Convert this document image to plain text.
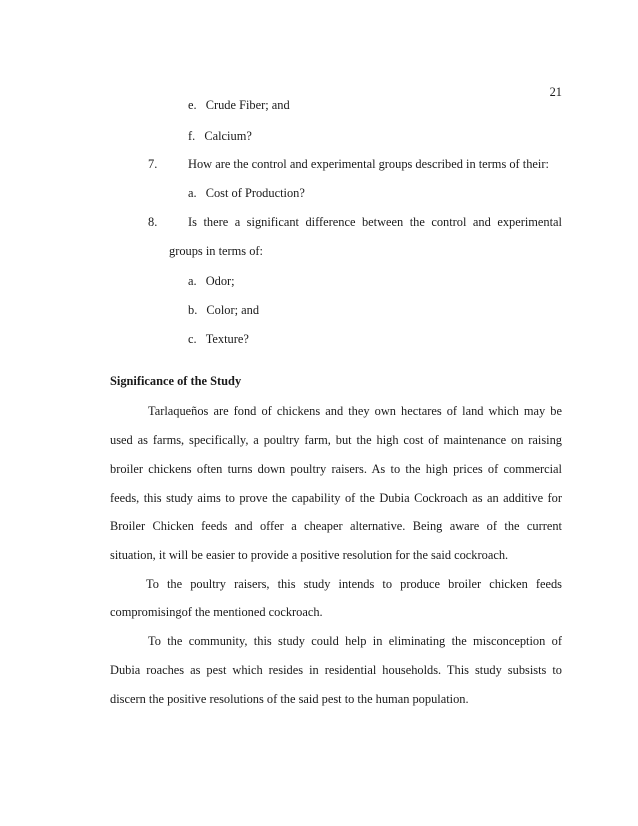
21
e. Crude Fiber; and
f. Calcium?
7. How are the control and experimental groups described in terms of their:
a. Cost of Production?
8. Is there a significant difference between the control and experimental
groups in terms of:
a. Odor;
b. Color; and
c. Texture?
Significance of the Study
Tarlaqueños are fond of chickens and they own hectares of land which may be
used as farms, specifically, a poultry farm, but the high cost of maintenance on raising
broiler chickens often turns down poultry raisers. As to the high prices of commercial
feeds, this study aims to prove the capability of the Dubia Cockroach as an additive for
Broiler Chicken feeds and offer a cheaper alternative. Being aware of the current
situation, it will be easier to provide a positive resolution for the said cockroach.
To the poultry raisers, this study intends to produce broiler chicken feeds
compromisingof the mentioned cockroach.
To the community, this study could help in eliminating the misconception of
Dubia roaches as pest which resides in residential households. This study subsists to
discern the positive resolutions of the said pest to the human population.
